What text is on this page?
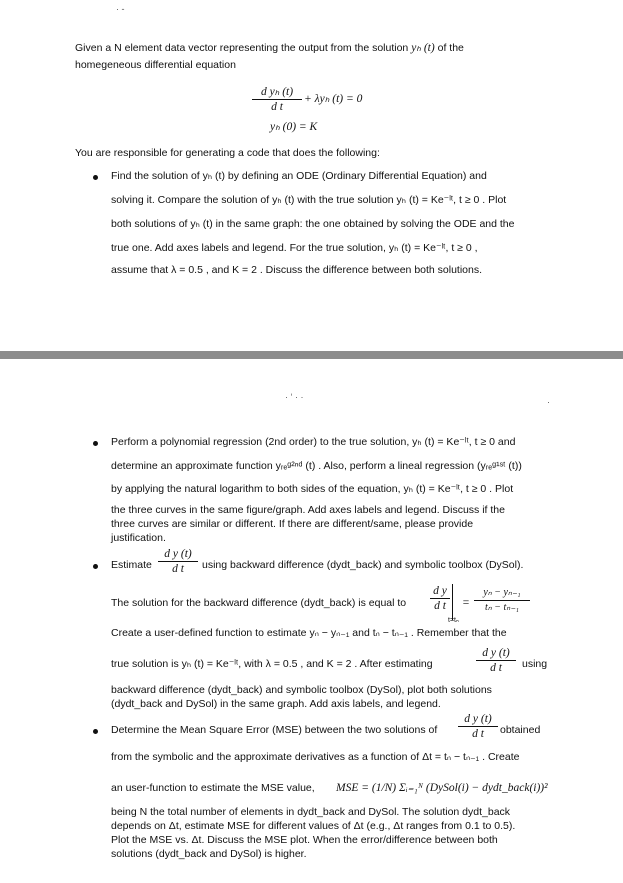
· ‐
· ‘ · ·	·
Given a N element data vector representing the output from the solution yₕ (t) of the
homegeneous differential equation
d yₕ (t)
d t
+ λyₕ (t) = 0
yₕ (0) = K
You are responsible for generating a code that does the following:
Find the solution of yₕ (t) by defining an ODE (Ordinary Differential Equation) and
solving it. Compare the solution of yₕ (t) with the true solution yₕ (t) = Ke⁻ˡᵗ, t ≥ 0 . Plot
both solutions of yₕ (t) in the same graph: the one obtained by solving the ODE and the
true one. Add axes labels and legend. For the true solution, yₕ (t) = Ke⁻ˡᵗ, t ≥ 0 ,
assume that λ = 0.5 , and K = 2 . Discuss the difference between both solutions.
Perform a polynomial regression (2nd order) to the true solution, yₕ (t) = Ke⁻ˡᵗ, t ≥ 0 and
determine an approximate function yᵣₑᵍ²ⁿᵈ (t) . Also, perform a lineal regression (yᵣₑᵍ¹ˢᵗ (t))
by applying the natural logarithm to both sides of the equation, yₕ (t) = Ke⁻ˡᵗ, t ≥ 0 . Plot
the three curves in the same figure/graph. Add axes labels and legend. Discuss if the
three curves are similar or different. If there are different/same, please provide
justification.
Estimate
d y (t)
d t	using backward difference (dydt_back) and symbolic toolbox (DySol).
The solution for the backward difference (dydt_back) is equal to
d y
d t
t=tₙ
=
yₙ − yₙ₋₁
tₙ − tₙ₋₁
Create a user-defined function to estimate yₙ − yₙ₋₁ and tₙ − tₙ₋₁ . Remember that the
true solution is yₕ (t) = Ke⁻ˡᵗ, with λ = 0.5 , and K = 2 . After estimating
d y (t)
d t	using
backward difference (dydt_back) and symbolic toolbox (DySol), plot both solutions
(dydt_back and DySol) in the same graph. Add axis labels, and legend.
Determine the Mean Square Error (MSE) between the two solutions of
d y (t)
d t	obtained
from the symbolic and the approximate derivatives as a function of Δt = tₙ − tₙ₋₁ . Create
an user-function to estimate the MSE value, MSE = (1/N) Σᵢ₌₁ᴺ (DySol(i) − dydt_back(i))²
being N the total number of elements in dydt_back and DySol. The solution dydt_back
depends on Δt, estimate MSE for different values of Δt (e.g., Δt ranges from 0.1 to 0.5).
Plot the MSE vs. Δt. Discuss the MSE plot. When the error/difference between both
solutions (dydt_back and DySol) is higher.
